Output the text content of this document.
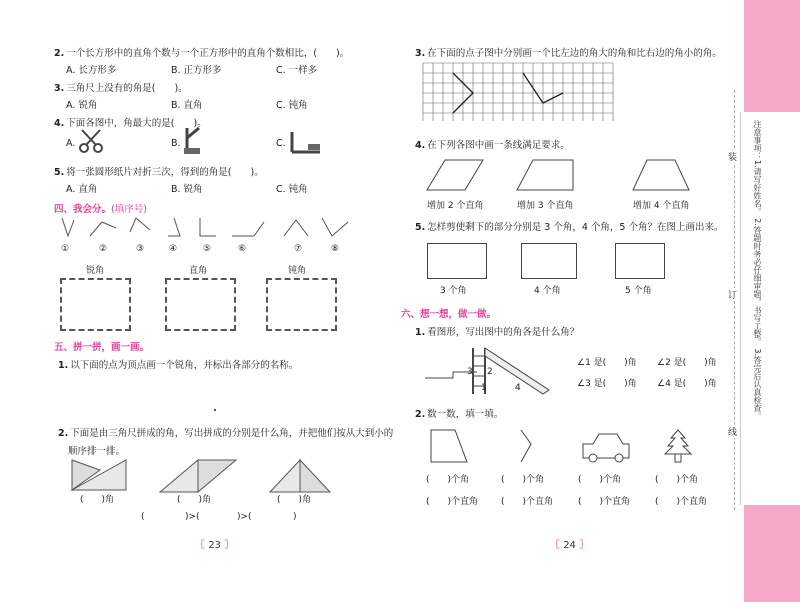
2. 一个长方形中的直角个数与一个正方形中的直角个数相比，(　　)。
A. 长方形多	B. 正方形多	C. 一样多
3. 三角尺上没有的角是(　　)。
A. 锐角	B. 直角	C. 钝角
4. 下面各图中，角最大的是(　　)。
A.	B.	C.
5. 将一张圆形纸片对折三次，得到的角是(　　)。
A. 直角	B. 锐角	C. 钝角
四、我会分。(填序号)
①	②	③	④	⑤	⑥	⑦	⑧
锐角	直角	钝角
五、拼一拼，画一画。
1. 以下面的点为顶点画一个锐角，并标出各部分的名称。
2. 下面是由三角尺拼成的角，写出拼成的分别是什么角，并把他们按从大到小的
顺序排一排。
(　　)角	(　　)角	(　　)角
(	)>(	)>(	)
〖 23 〗
3. 在下面的点子图中分别画一个比左边的角大的角和比右边的角小的角。
4. 在下列各图中画一条线满足要求。
增加 2 个直角	增加 3 个直角	增加 4 个直角
5. 怎样剪使剩下的部分分别是 3 个角，4 个角，5 个角？在图上画出来。
3 个角	4 个角	5 个角
六、想一想，做一做。
1. 看图形，写出图中的角各是什么角？
3 2
1	4
∠1 是(　　)角 ∠2 是(　　)角
∠3 是(　　)角 ∠4 是(　　)角
2. 数一数，填一填。
(　　)个角	(　　)个角	(　　)个角	(　　)个角
(　　)个直角	(　　)个直角	(　　)个直角	(　　)个直角
〖 24 〗
注意事项：1.请写好姓名。 2.答题时务必仔细审题，书写工整。 3.答完后认真检查。
装
订
线
